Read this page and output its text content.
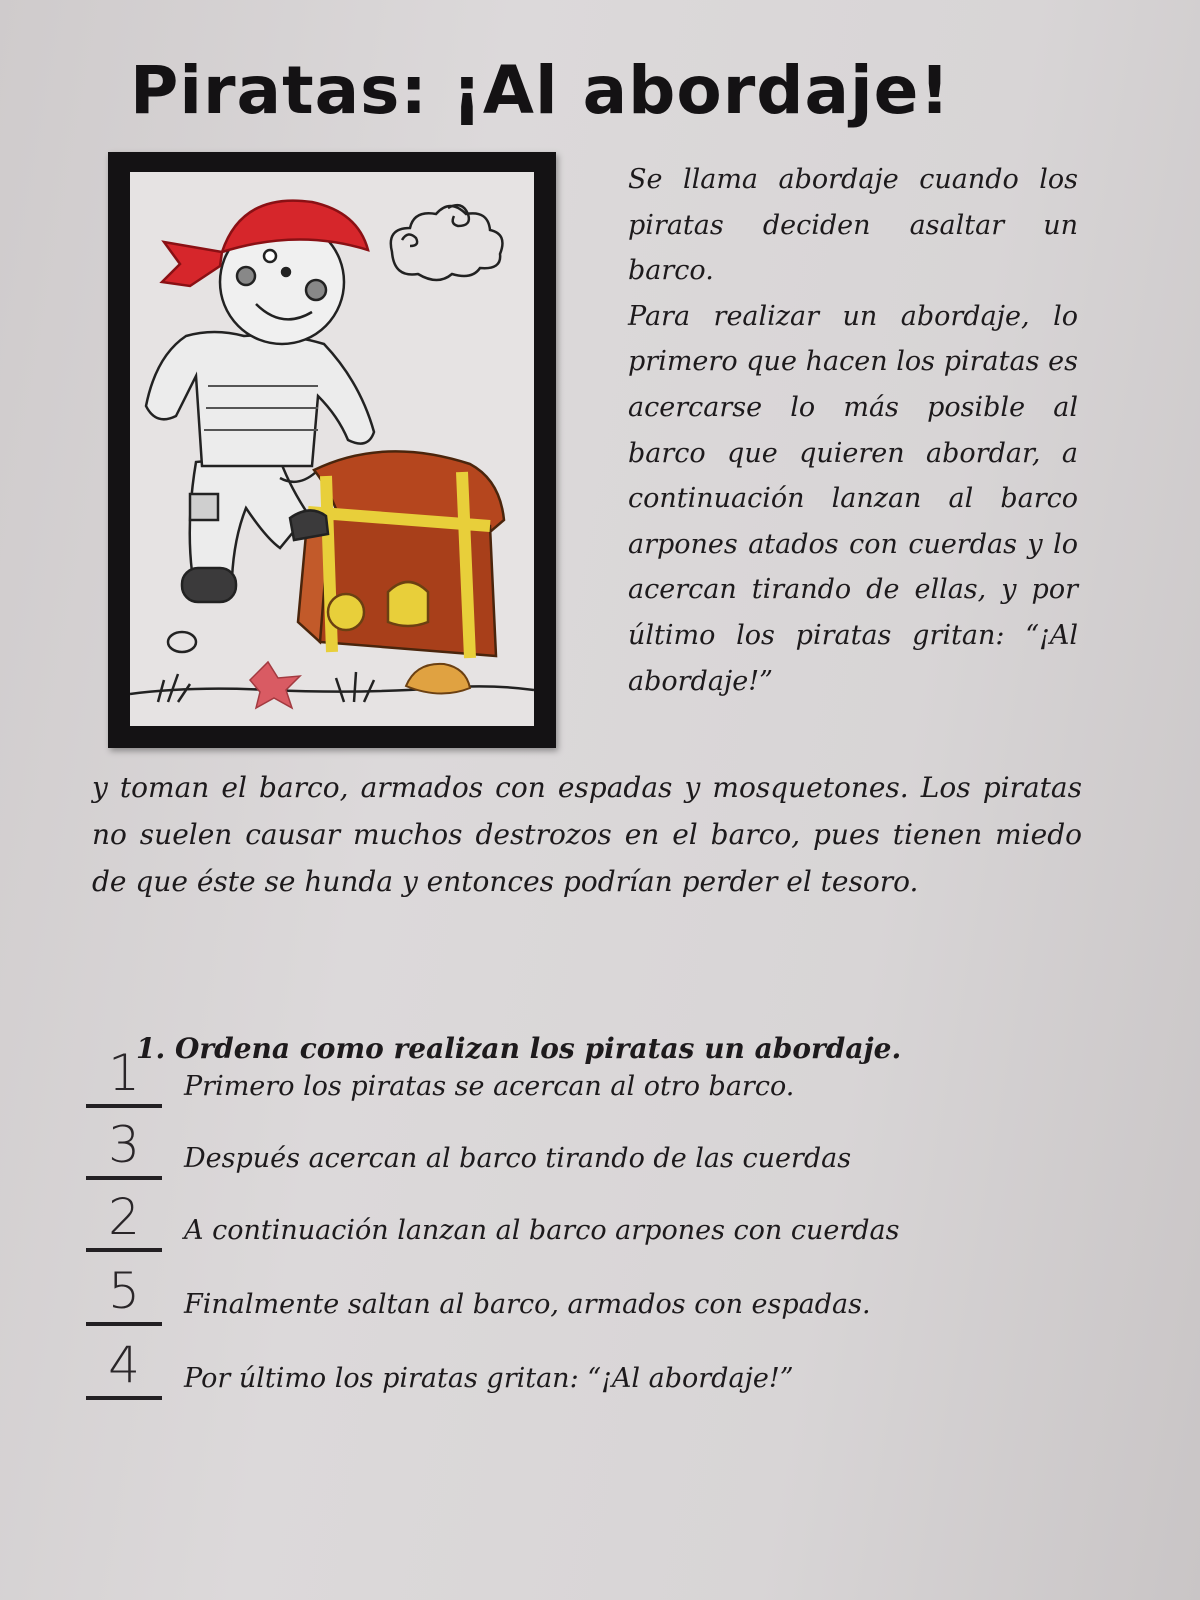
Piratas: ¡Al abordaje!

Se llama abordaje cuando los piratas deciden asaltar un barco.

Para realizar un abordaje, lo primero que hacen los piratas es acercarse lo más posible al barco que quieren abordar, a continuación lanzan al barco arpones atados con cuerdas y lo acercan tirando de ellas, y por último los piratas gritan: “¡Al abordaje!”

y toman el barco, armados con espadas y mosquetones. Los piratas no suelen causar muchos destrozos en el barco, pues tienen miedo de que éste se hunda y entonces podrían perder el tesoro.

1. Ordena como realizan los piratas un abordaje.

1	Primero los piratas se acercan al otro barco.
3	Después acercan al barco tirando de las cuerdas
2	A continuación lanzan al barco arpones con cuerdas
5	Finalmente saltan al barco, armados con espadas.
4	Por último los piratas gritan: “¡Al abordaje!”
